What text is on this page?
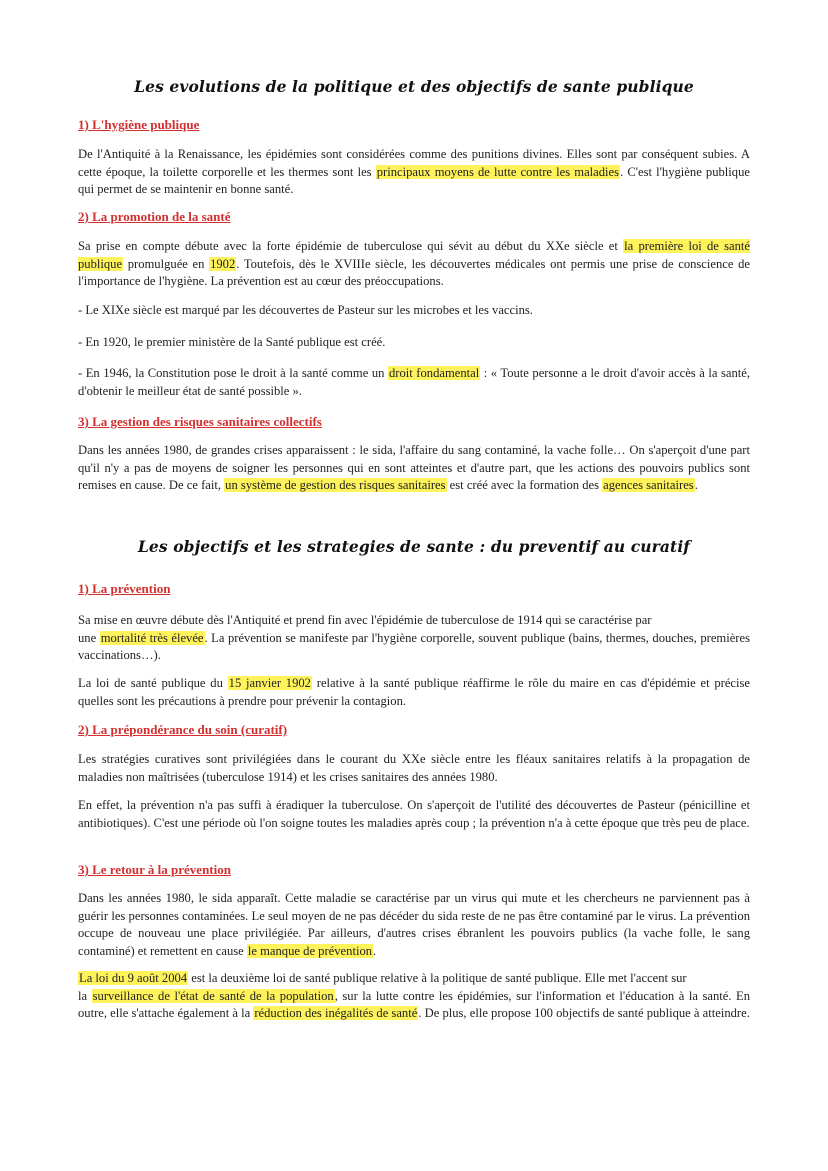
Les evolutions de la politique et des objectifs de sante publique
1) L'hygiène publique

De l'Antiquité à la Renaissance, les épidémies sont considérées comme des punitions divines. Elles sont par conséquent subies. A cette époque, la toilette corporelle et les thermes sont les principaux moyens de lutte contre les maladies. C'est l'hygiène publique qui permet de se maintenir en bonne santé.

2) La promotion de la santé

Sa prise en compte débute avec la forte épidémie de tuberculose qui sévit au début du XXe siècle et la première loi de santé publique promulguée en 1902. Toutefois, dès le XVIIIe siècle, les découvertes médicales ont permis une prise de conscience de l'importance de l'hygiène. La prévention est au cœur des préoccupations.

- Le XIXe siècle est marqué par les découvertes de Pasteur sur les microbes et les vaccins.

- En 1920, le premier ministère de la Santé publique est créé.

- En 1946, la Constitution pose le droit à la santé comme un droit fondamental : « Toute personne a le droit d'avoir accès à la santé, d'obtenir le meilleur état de santé possible ».

3) La gestion des risques sanitaires collectifs

Dans les années 1980, de grandes crises apparaissent : le sida, l'affaire du sang contaminé, la vache folle… On s'aperçoit d'une part qu'il n'y a pas de moyens de soigner les personnes qui en sont atteintes et d'autre part, que les actions des pouvoirs publics sont remises en cause. De ce fait, un système de gestion des risques sanitaires est créé avec la formation des agences sanitaires.

Les objectifs et les strategies de sante : du preventif au curatif
1) La prévention

Sa mise en œuvre débute dès l'Antiquité et prend fin avec l'épidémie de tuberculose de 1914 qui se caractérise par
une mortalité très élevée. La prévention se manifeste par l'hygiène corporelle, souvent publique (bains, thermes, douches, premières vaccinations…).

La loi de santé publique du 15 janvier 1902 relative à la santé publique réaffirme le rôle du maire en cas d'épidémie et précise quelles sont les précautions à prendre pour prévenir la contagion.

2) La prépondérance du soin (curatif)

Les stratégies curatives sont privilégiées dans le courant du XXe siècle entre les fléaux sanitaires relatifs à la propagation de maladies non maîtrisées (tuberculose 1914) et les crises sanitaires des années 1980.

En effet, la prévention n'a pas suffi à éradiquer la tuberculose. On s'aperçoit de l'utilité des découvertes de Pasteur (pénicilline et antibiotiques). C'est une période où l'on soigne toutes les maladies après coup ; la prévention n'a à cette époque que très peu de place.

3) Le retour à la prévention

Dans les années 1980, le sida apparaît. Cette maladie se caractérise par un virus qui mute et les chercheurs ne parviennent pas à guérir les personnes contaminées. Le seul moyen de ne pas décéder du sida reste de ne pas être contaminé par le virus. La prévention occupe de nouveau une place privilégiée. Par ailleurs, d'autres crises ébranlent les pouvoirs publics (la vache folle, le sang contaminé) et remettent en cause le manque de prévention.

La loi du 9 août 2004 est la deuxième loi de santé publique relative à la politique de santé publique. Elle met l'accent sur
la surveillance de l'état de santé de la population, sur la lutte contre les épidémies, sur l'information et l'éducation à la santé. En outre, elle s'attache également à la réduction des inégalités de santé. De plus, elle propose 100 objectifs de santé publique à atteindre.
